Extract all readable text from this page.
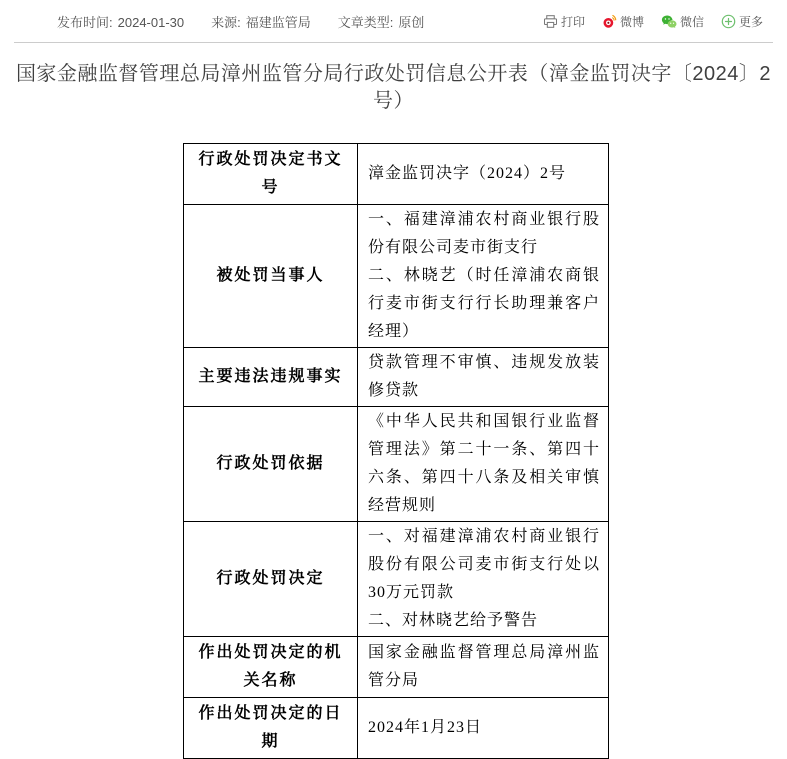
发布时间: 2024-01-30 来源: 福建监管局 文章类型: 原创	打印	微博	微信	更多
国家金融监督管理总局漳州监管分局行政处罚信息公开表（漳金监罚决字〔2024〕2号）
行政处罚决定书文号	漳金监罚决字（2024）2号

被处罚当事人	一、福建漳浦农村商业银行股份有限公司麦市街支行

二、林晓艺（时任漳浦农商银行麦市街支行行长助理兼客户经理）

主要违法违规事实	贷款管理不审慎、违规发放装修贷款

行政处罚依据	《中华人民共和国银行业监督管理法》第二十一条、第四十六条、第四十八条及相关审慎经营规则

行政处罚决定	一、对福建漳浦农村商业银行股份有限公司麦市街支行处以30万元罚款

二、对林晓艺给予警告

作出处罚决定的机关名称	国家金融监督管理总局漳州监管分局

作出处罚决定的日期	2024年1月23日
